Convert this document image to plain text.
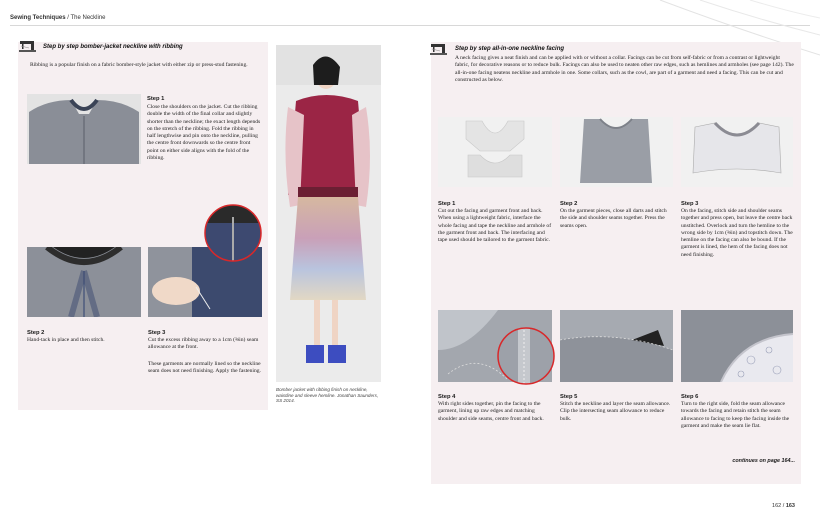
Sewing Techniques / The Neckline
Step by step bomber-jacket neckline with ribbing
Ribbing is a popular finish on a fabric bomber-style jacket with either zip or press-stud fastening.
Step 1
Close the shoulders on the jacket. Cut the ribbing double the width of the final collar and slightly shorter than the neckline; the exact length depends on the stretch of the ribbing. Fold the ribbing in half lengthwise and pin onto the neckline, pulling the centre front downwards so the centre front point on either side aligns with the fold of the ribbing.
Step 2
Hand-tack in place and then stitch.
Step 3
Cut the excess ribbing away to a 1cm (⅜in) seam allowance at the front.
These garments are normally lined so the neckline seam does not need finishing. Apply the fastening.
Bomber jacket with ribbing finish on neckline, waistline and sleeve hemline. Jonathan Saunders, SS 2014.
Step by step all-in-one neckline facing
A neck facing gives a neat finish and can be applied with or without a collar. Facings can be cut from self-fabric or from a contrast or lightweight fabric, for decorative reasons or to reduce bulk. Facings can also be used to neaten other raw edges, such as hemlines and armholes (see page 142). The all-in-one facing neatens neckline and armhole in one. Some collars, such as the cowl, are part of a garment and need a facing. This can be cut and constructed as below.
Step 1
Cut out the facing and garment front and back. When using a lightweight fabric, interface the whole facing and tape the neckline and armhole of the garment front and back. The interfacing and tape used should be tailored to the garment fabric.
Step 2
On the garment pieces, close all darts and stitch the side and shoulder seams together. Press the seams open.
Step 3
On the facing, stitch side and shoulder seams together and press open, but leave the centre back unstitched. Overlock and turn the hemline to the wrong side by 1cm (⅜in) and topstitch down. The hemline on the facing can also be bound. If the garment is lined, the hem of the facing does not need finishing.
Step 4
With right sides together, pin the facing to the garment, lining up raw edges and matching shoulder and side seams, centre front and back.
Step 5
Stitch the neckline and layer the seam allowance. Clip the intersecting seam allowance to reduce bulk.
Step 6
Turn to the right side, fold the seam allowance towards the facing and retain stitch the seam allowance to facing to keep the facing inside the garment and make the seam lie flat.
continues on page 164...
162 / 163
